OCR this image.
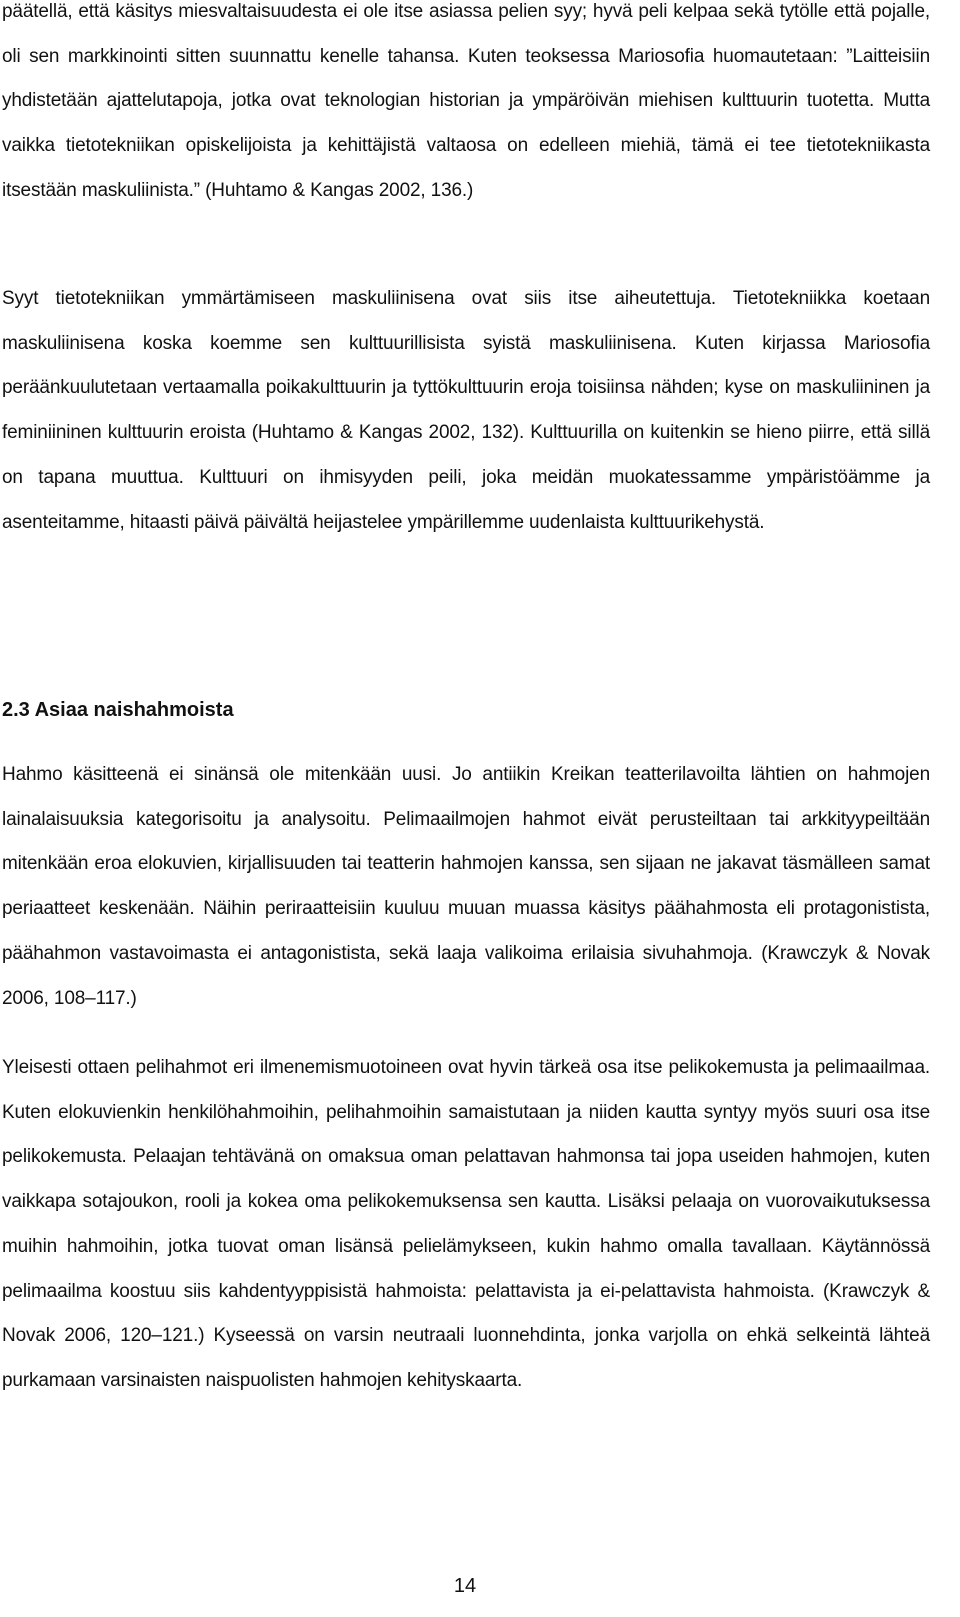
päätellä, että käsitys miesvaltaisuudesta ei ole itse asiassa pelien syy; hyvä peli kelpaa sekä tytölle että pojalle, oli sen markkinointi sitten suunnattu kenelle tahansa. Kuten teoksessa Mariosofia huomautetaan: ”Laitteisiin yhdistetään ajattelutapoja, jotka ovat teknologian historian ja ympäröivän miehisen kulttuurin tuotetta. Mutta vaikka tietotekniikan opiskelijoista ja kehittäjistä valtaosa on edelleen miehiä, tämä ei tee tietotekniikasta itsestään maskuliinista.” (Huhtamo & Kangas 2002, 136.)

Syyt tietotekniikan ymmärtämiseen maskuliinisena ovat siis itse aiheutettuja. Tietotekniikka koetaan maskuliinisena koska koemme sen kulttuurillisista syistä maskuliinisena. Kuten kirjassa Mariosofia peräänkuulutetaan vertaamalla poikakulttuurin ja tyttökulttuurin eroja toisiinsa nähden; kyse on maskuliininen ja feminiininen kulttuurin eroista (Huhtamo & Kangas 2002, 132). Kulttuurilla on kuitenkin se hieno piirre, että sillä on tapana muuttua. Kulttuuri on ihmisyyden peili, joka meidän muokatessamme ympäristöämme ja asenteitamme, hitaasti päivä päivältä heijastelee ympärillemme uudenlaista kulttuurikehystä.

2.3 Asiaa naishahmoista

Hahmo käsitteenä ei sinänsä ole mitenkään uusi. Jo antiikin Kreikan teatterilavoilta lähtien on hahmojen lainalaisuuksia kategorisoitu ja analysoitu. Pelimaailmojen hahmot eivät perusteiltaan tai arkkityypeiltään mitenkään eroa elokuvien, kirjallisuuden tai teatterin hahmojen kanssa, sen sijaan ne jakavat täsmälleen samat periaatteet keskenään. Näihin periraatteisiin kuuluu muuan muassa käsitys päähahmosta eli protagonistista, päähahmon vastavoimasta ei antagonistista, sekä laaja valikoima erilaisia sivuhahmoja. (Krawczyk & Novak 2006, 108–117.)

Yleisesti ottaen pelihahmot eri ilmenemismuotoineen ovat hyvin tärkeä osa itse pelikokemusta ja pelimaailmaa. Kuten elokuvienkin henkilöhahmoihin, pelihahmoihin samaistutaan ja niiden kautta syntyy myös suuri osa itse pelikokemusta. Pelaajan tehtävänä on omaksua oman pelattavan hahmonsa tai jopa useiden hahmojen, kuten vaikkapa sotajoukon, rooli ja kokea oma pelikokemuksensa sen kautta. Lisäksi pelaaja on vuorovaikutuksessa muihin hahmoihin, jotka tuovat oman lisänsä pelielämykseen, kukin hahmo omalla tavallaan. Käytännössä pelimaailma koostuu siis kahdentyyppisistä hahmoista: pelattavista ja ei-pelattavista hahmoista. (Krawczyk & Novak 2006, 120–121.) Kyseessä on varsin neutraali luonnehdinta, jonka varjolla on ehkä selkeintä lähteä purkamaan varsinaisten naispuolisten hahmojen kehityskaarta.

14
